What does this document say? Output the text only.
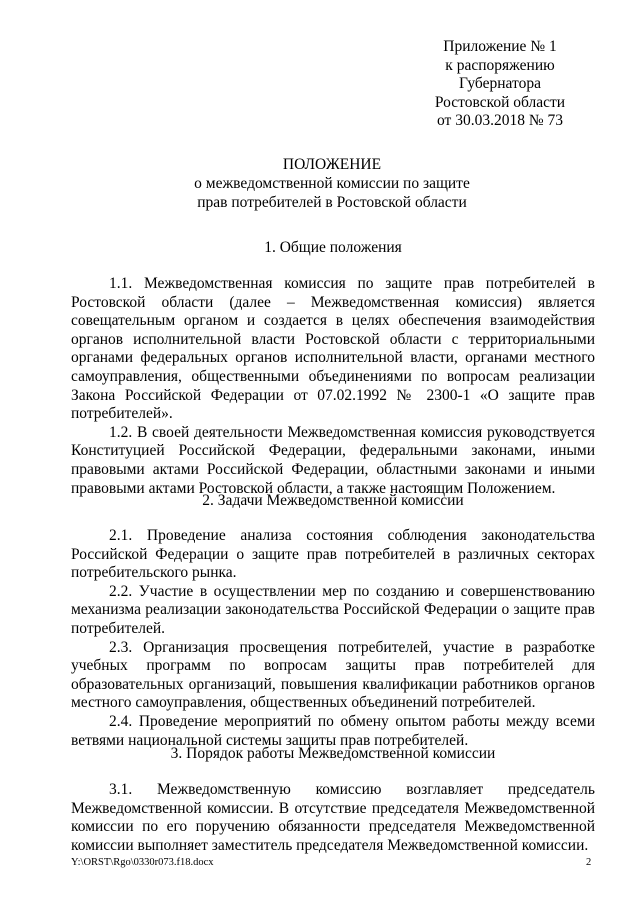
Приложение № 1
к распоряжению
Губернатора
Ростовской области
от 30.03.2018 № 73
ПОЛОЖЕНИЕ
о межведомственной комиссии по защите
прав потребителей в Ростовской области
1. Общие положения

1.1. Межведомственная комиссия по защите прав потребителей в Ростовской области (далее – Межведомственная комиссия) является совещательным органом и создается в целях обеспечения взаимодействия органов исполнительной власти Ростовской области с территориальными органами федеральных органов исполнительной власти, органами местного самоуправления, общественными объединениями по вопросам реализации Закона Российской Федерации от 07.02.1992 № 2300-1 «О защите прав потребителей».

1.2. В своей деятельности Межведомственная комиссия руководствуется Конституцией Российской Федерации, федеральными законами, иными правовыми актами Российской Федерации, областными законами и иными правовыми актами Ростовской области, а также настоящим Положением.

2. Задачи Межведомственной комиссии

2.1. Проведение анализа состояния соблюдения законодательства Российской Федерации о защите прав потребителей в различных секторах потребительского рынка.

2.2. Участие в осуществлении мер по созданию и совершенствованию механизма реализации законодательства Российской Федерации о защите прав потребителей.

2.3. Организация просвещения потребителей, участие в разработке учебных программ по вопросам защиты прав потребителей для образовательных организаций, повышения квалификации работников органов местного самоуправления, общественных объединений потребителей.

2.4. Проведение мероприятий по обмену опытом работы между всеми ветвями национальной системы защиты прав потребителей.

3. Порядок работы Межведомственной комиссии

3.1. Межведомственную комиссию возглавляет председатель Межведомственной комиссии. В отсутствие председателя Межведомственной комиссии по его поручению обязанности председателя Межведомственной комиссии выполняет заместитель председателя Межведомственной комиссии.

Y:\ORST\Rgo\0330r073.f18.docx	2
